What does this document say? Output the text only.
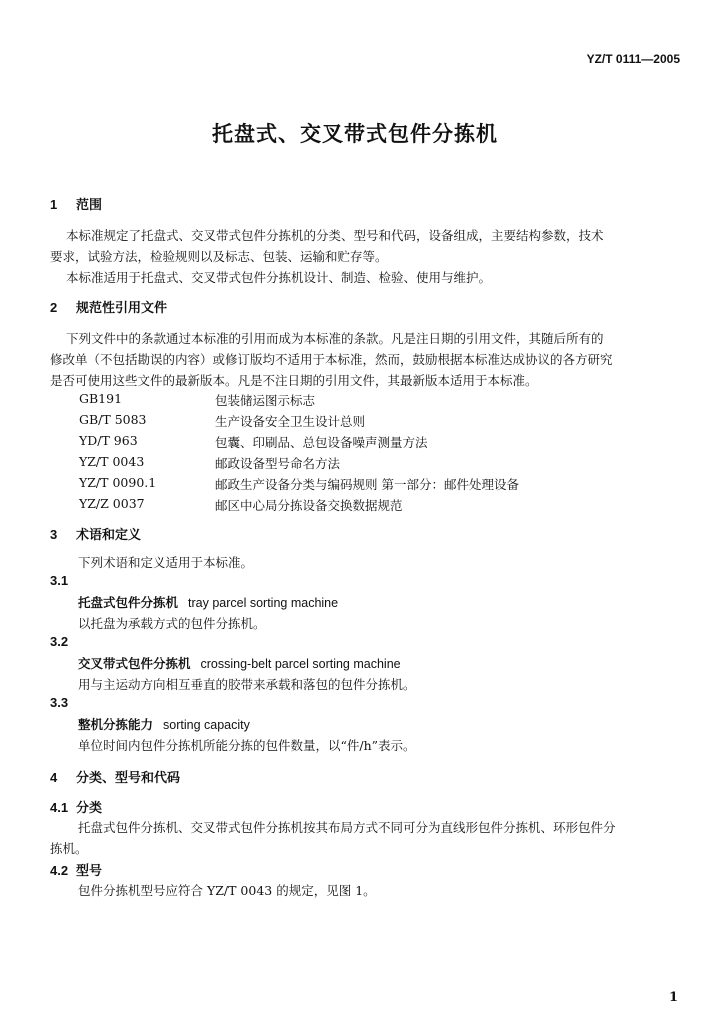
YZ/T 0111—2005
托盘式、交叉带式包件分拣机
1 范围
本标准规定了托盘式、交叉带式包件分拣机的分类、型号和代码，设备组成，主要结构参数，技术
要求，试验方法，检验规则以及标志、包装、运输和贮存等。
本标准适用于托盘式、交叉带式包件分拣机设计、制造、检验、使用与维护。
2 规范性引用文件
下列文件中的条款通过本标准的引用而成为本标准的条款。凡是注日期的引用文件，其随后所有的
修改单（不包括勘误的内容）或修订版均不适用于本标准，然而，鼓励根据本标准达成协议的各方研究
是否可使用这些文件的最新版本。凡是不注日期的引用文件，其最新版本适用于本标准。
GB191	包装储运图示标志
GB/T 5083	生产设备安全卫生设计总则
YD/T 963	包囊、印刷品、总包设备噪声测量方法
YZ/T 0043	邮政设备型号命名方法
YZ/T 0090.1	邮政生产设备分类与编码规则 第一部分：邮件处理设备
YZ/Z 0037	邮区中心局分拣设备交换数据规范
3 术语和定义
下列术语和定义适用于本标准。
3.1
托盘式包件分拣机 tray parcel sorting machine
以托盘为承载方式的包件分拣机。
3.2
交叉带式包件分拣机 crossing-belt parcel sorting machine
用与主运动方向相互垂直的胶带来承载和落包的包件分拣机。
3.3
整机分拣能力 sorting capacity
单位时间内包件分拣机所能分拣的包件数量，以“件/h”表示。
4 分类、型号和代码
4.1 分类
托盘式包件分拣机、交叉带式包件分拣机按其布局方式不同可分为直线形包件分拣机、环形包件分
拣机。
4.2 型号
包件分拣机型号应符合 YZ/T 0043 的规定，见图 1。
1
